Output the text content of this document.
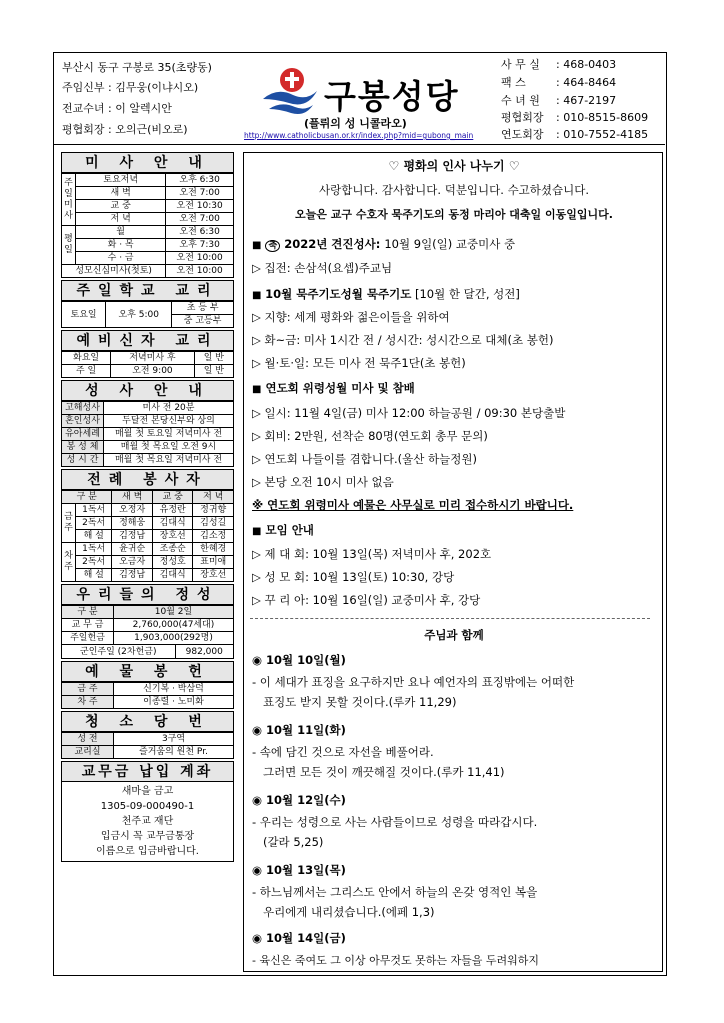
부산시 동구 구봉로 35(초량동)
주임신부 : 김무웅(이냐시오)
전교수녀 : 이 알렉시안
평협회장 : 오의근(비오로)
구봉성당
(플뤼의 성 니콜라오)
http://www.catholicbusan.or.kr/index.php?mid=gubong_main
사 무 실 : 468-0403
팩 스	: 464-8464
수 녀 원 : 467-2197
평협회장 : 010-8515-8609
연도회장 : 010-7552-4185
미 사 안 내
주일미사	토요저녁	오후 6:30
	새 벽	오전 7:00
	교 중	오전 10:30
	저 녁	오전 7:00
평일	월	오전 6:30
	화 · 목	오후 7:30
	수 · 금	오전 10:00
성모신심미사(첫토)		오전 10:00
주일학교 교리
토요일	오후 5:00	초 등 부
중 고등부
예비신자 교리
화요일	저녁미사 후	일 반
주 일	오전 9:00	일 반
성 사 안 내
고해성사	미사 전 20분
혼인성사	두달전 본당신부와 상의
유아세례	매월 첫 토요일 저녁미사 전
봉 성 체	매월 첫 목요일 오전 9시
성 시 간	매월 첫 목요일 저녁미사 전
전례 봉사자
구 분		새 벽	교 중	저 녁
금주	1독서	오정자	유정란	정귀향
	2독서	정해웅	김대식	김성길
	해 설	김정남	장호선	김소정
차주	1독서	윤귀순	조종순	한혜경
	2독서	오금자	정성호	표미애
	해 설	김정남	김대식	장호선
우리들의 정성
구 분	10월 2일
교 무 금	2,760,000(47세대)
주일헌금	1,903,000(292명)

군인주일 (2차헌금)	982,000
예 물 봉 헌
금 주	신기복 · 박삼덕
차 주	이종렬 · 노미화
청 소 당 번
성 전	3구역
교리실	즐거움의 원천 Pr.
교무금 납입 계좌
새마을 금고
1305-09-000490-1
천주교 재단
입금시 꼭 교무금통장
이름으로 입금바랍니다.
♡ 평화의 인사 나누기 ♡
사랑합니다. 감사합니다. 덕분입니다. 수고하셨습니다.
오늘은 교구 수호자 묵주기도의 동정 마리아 대축일 이동일입니다.
■ 축 2022년 견진성사: 10월 9일(일) 교중미사 중
▷ 집전: 손삼석(요셉)주교님
■ 10월 묵주기도성월 묵주기도 [10월 한 달간, 성전]
▷ 지향: 세계 평화와 젊은이들을 위하여
▷ 화~금: 미사 1시간 전 / 성시간: 성시간으로 대체(초 봉헌)
▷ 월·토·일: 모든 미사 전 묵주1단(초 봉헌)
■ 연도회 위령성월 미사 및 참배
▷ 일시: 11월 4일(금) 미사 12:00 하늘공원 / 09:30 본당출발
▷ 회비: 2만원, 선착순 80명(연도회 총무 문의)
▷ 연도회 나들이를 겸합니다.(울산 하늘정원)
▷ 본당 오전 10시 미사 없음
※ 연도회 위령미사 예물은 사무실로 미리 접수하시기 바랍니다.
■ 모임 안내
▷ 제 대 회: 10월 13일(목) 저녁미사 후, 202호
▷ 성 모 회: 10월 13일(토) 10:30, 강당
▷ 꾸 리 아: 10월 16일(일) 교중미사 후, 강당
주님과 함께
◉ 10월 10일(월)
- 이 세대가 표징을 요구하지만 요나 예언자의 표징밖에는 어떠한
표징도 받지 못할 것이다.(루카 11,29)
◉ 10월 11일(화)
- 속에 담긴 것으로 자선을 베풀어라.
그러면 모든 것이 깨끗해질 것이다.(루카 11,41)
◉ 10월 12일(수)
- 우리는 성령으로 사는 사람들이므로 성령을 따라갑시다.
(갈라 5,25)
◉ 10월 13일(목)
- 하느님께서는 그리스도 안에서 하늘의 온갖 영적인 복을
우리에게 내리셨습니다.(에페 1,3)
◉ 10월 14일(금)
- 육신은 죽여도 그 이상 아무것도 못하는 자들을 두려워하지
